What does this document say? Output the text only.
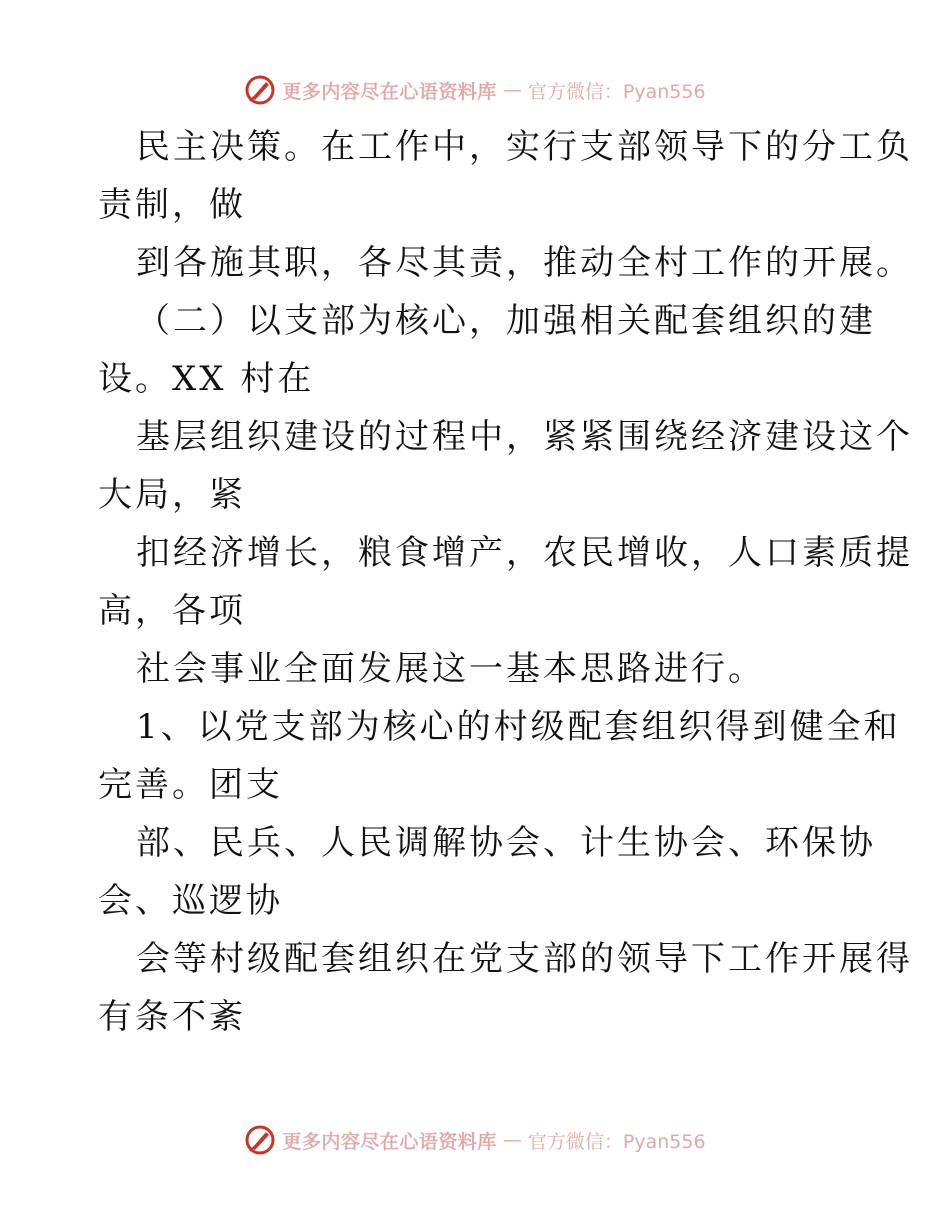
更多内容尽在心语资料库 — 官方微信：Pyan556
民主决策。在工作中，实行支部领导下的分工负
责制，做
到各施其职，各尽其责，推动全村工作的开展。
（二）以支部为核心，加强相关配套组织的建
设。XX 村在
基层组织建设的过程中，紧紧围绕经济建设这个
大局，紧
扣经济增长，粮食增产，农民增收，人口素质提
高，各项
社会事业全面发展这一基本思路进行。
1、以党支部为核心的村级配套组织得到健全和
完善。团支
部、民兵、人民调解协会、计生协会、环保协
会、巡逻协
会等村级配套组织在党支部的领导下工作开展得
有条不紊
更多内容尽在心语资料库 — 官方微信：Pyan556
